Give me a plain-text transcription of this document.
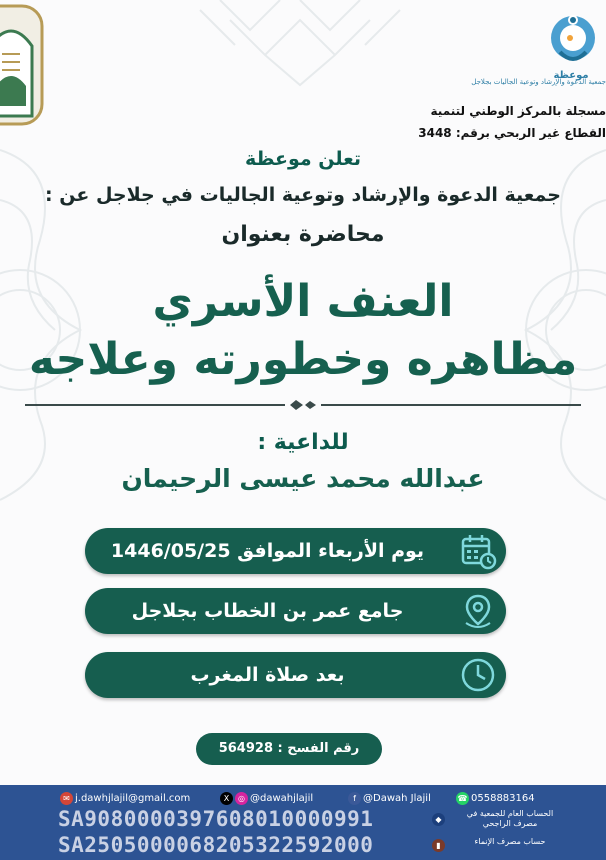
موعظة
جمعية الدعوة والإرشاد وتوعية الجاليات بجلاجل
مسجلة بالمركز الوطني لتنمية
القطاع غير الربحي برقم: 3448
تعلن موعظة
جمعية الدعوة والإرشاد وتوعية الجاليات في جلاجل عن :
محاضرة بعنوان
العنف الأسري
مظاهره وخطورته وعلاجه
للداعية :
عبدالله محمد عيسى الرحيمان
يوم الأربعاء الموافق 1446/05/25
جامع عمر بن الخطاب بجلاجل
بعد صلاة المغرب
رقم الفسح : 564928
✉ j.dawhjlajil@gmail.com	X ◎ @dawahjlajil	f @Dawah Jlajil	☎ 0558883164
SA9080000397608010000991	الحساب العام للجمعية في مصرف الراجحي
◆
SA2505000068205322592000	حساب مصرف الإنماء
▮
